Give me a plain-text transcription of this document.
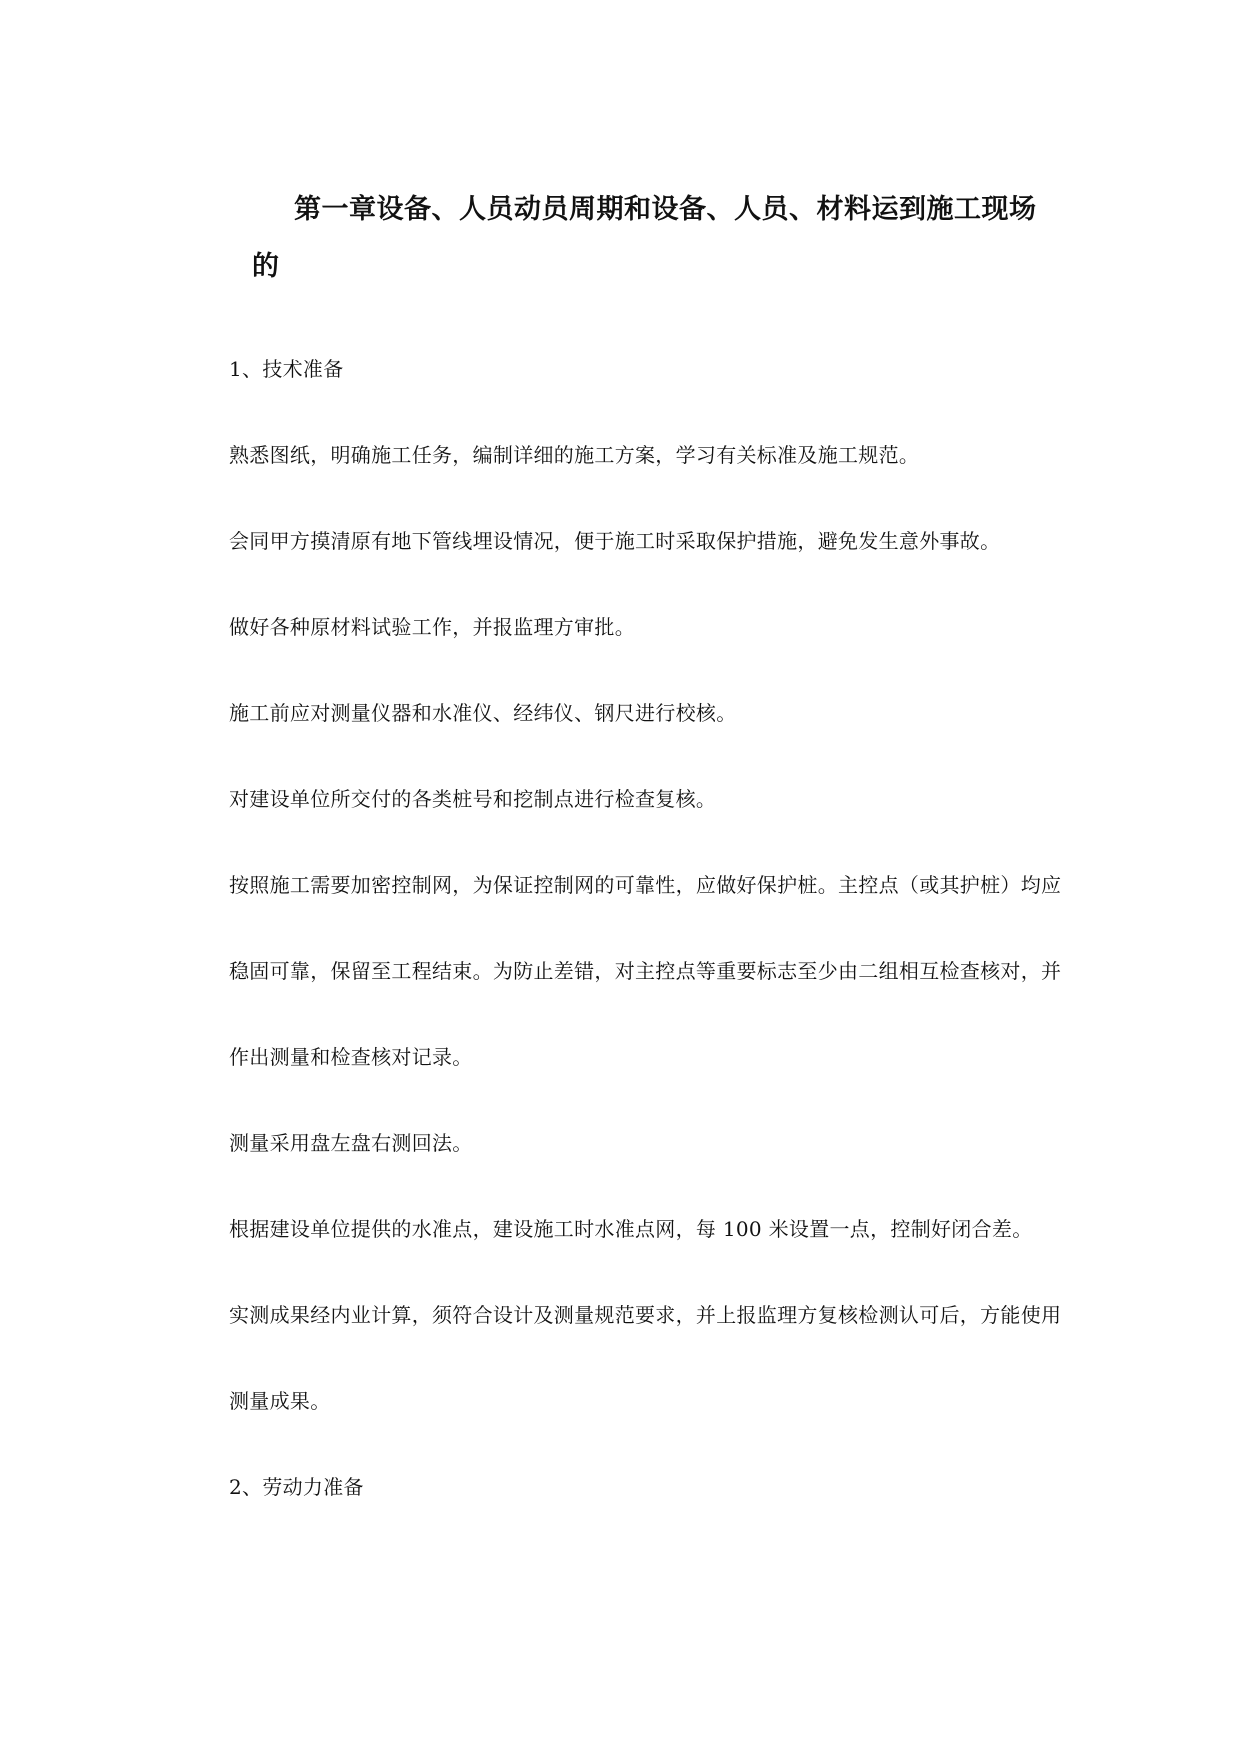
第一章设备、人员动员周期和设备、人员、材料运到施工现场
的
1、技术准备
熟悉图纸，明确施工任务，编制详细的施工方案，学习有关标准及施工规范。
会同甲方摸清原有地下管线埋设情况，便于施工时采取保护措施，避免发生意外事故。
做好各种原材料试验工作，并报监理方审批。
施工前应对测量仪器和水准仪、经纬仪、钢尺进行校核。
对建设单位所交付的各类桩号和挖制点进行检查复核。
按照施工需要加密控制网，为保证控制网的可靠性，应做好保护桩。主控点（或其护桩）均应
稳固可靠，保留至工程结束。为防止差错，对主控点等重要标志至少由二组相互检查核对，并
作出测量和检查核对记录。
测量采用盘左盘右测回法。
根据建设单位提供的水准点，建设施工时水准点网，每 100 米设置一点，控制好闭合差。
实测成果经内业计算，须符合设计及测量规范要求，并上报监理方复核检测认可后，方能使用
测量成果。
2、劳动力准备
